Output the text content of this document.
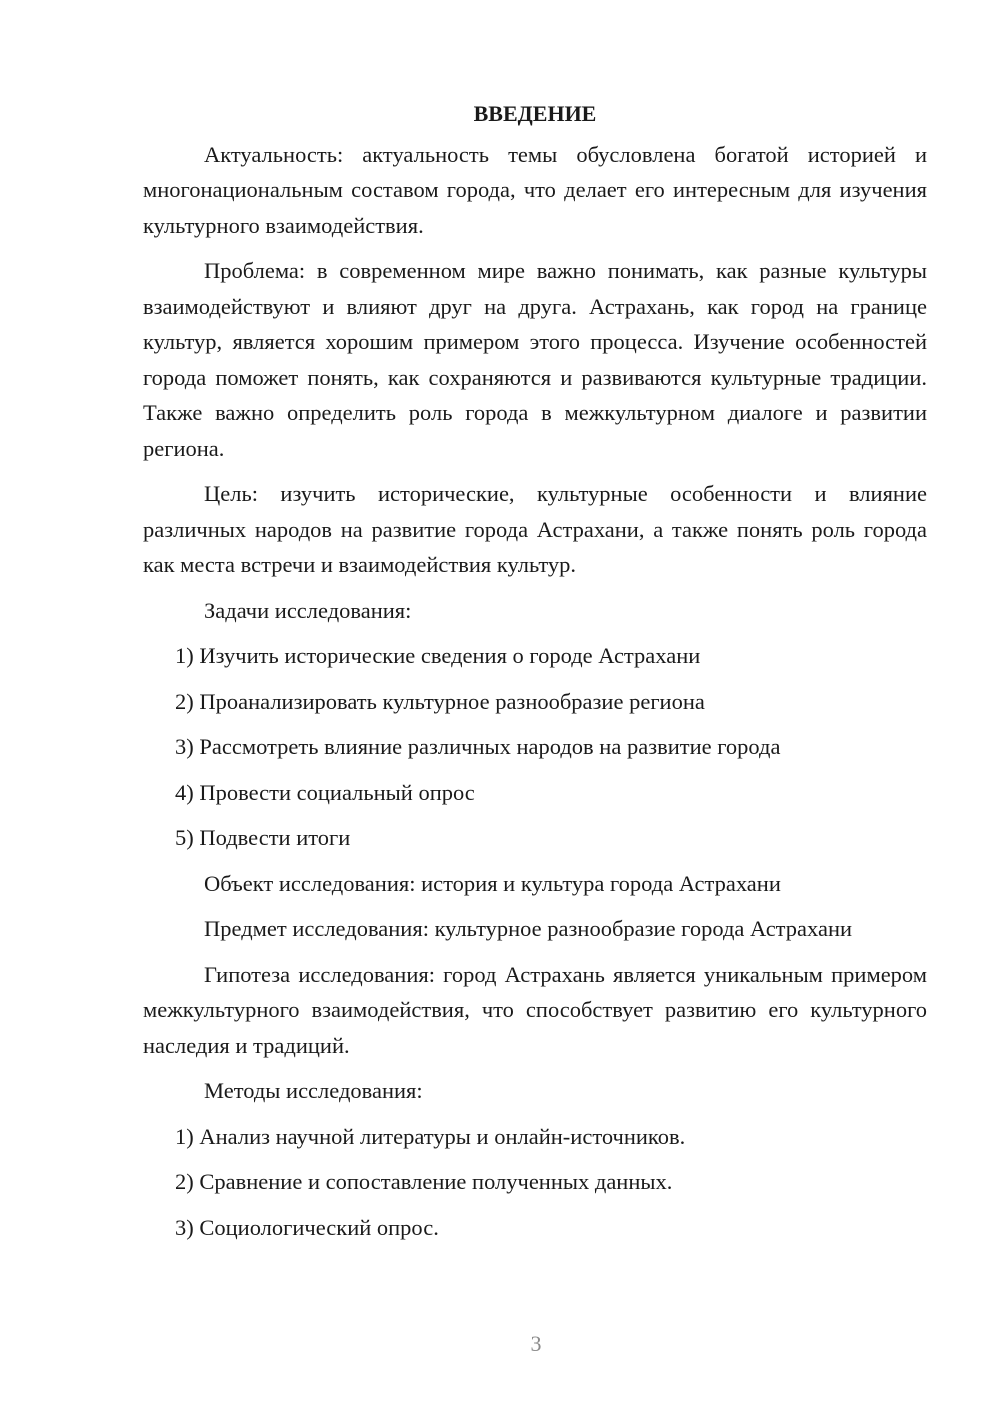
ВВЕДЕНИЕ

Актуальность: актуальность темы обусловлена богатой историей и многонациональным составом города, что делает его интересным для изучения культурного взаимодействия.

Проблема: в современном мире важно понимать, как разные культуры взаимодействуют и влияют друг на друга. Астрахань, как город на границе культур, является хорошим примером этого процесса. Изучение особенностей города поможет понять, как сохраняются и развиваются культурные традиции. Также важно определить роль города в межкультурном диалоге и развитии региона.

Цель: изучить исторические, культурные особенности и влияние различных народов на развитие города Астрахани, а также понять роль города как места встречи и взаимодействия культур.

Задачи исследования:

1) Изучить исторические сведения о городе Астрахани

2) Проанализировать культурное разнообразие региона

3) Рассмотреть влияние различных народов на развитие города

4) Провести социальный опрос

5) Подвести итоги

Объект исследования: история и культура города Астрахани

Предмет исследования: культурное разнообразие города Астрахани

Гипотеза исследования: город Астрахань является уникальным примером межкультурного взаимодействия, что способствует развитию его культурного наследия и традиций.

Методы исследования:

1) Анализ научной литературы и онлайн-источников.

2) Сравнение и сопоставление полученных данных.

3) Социологический опрос.

3
